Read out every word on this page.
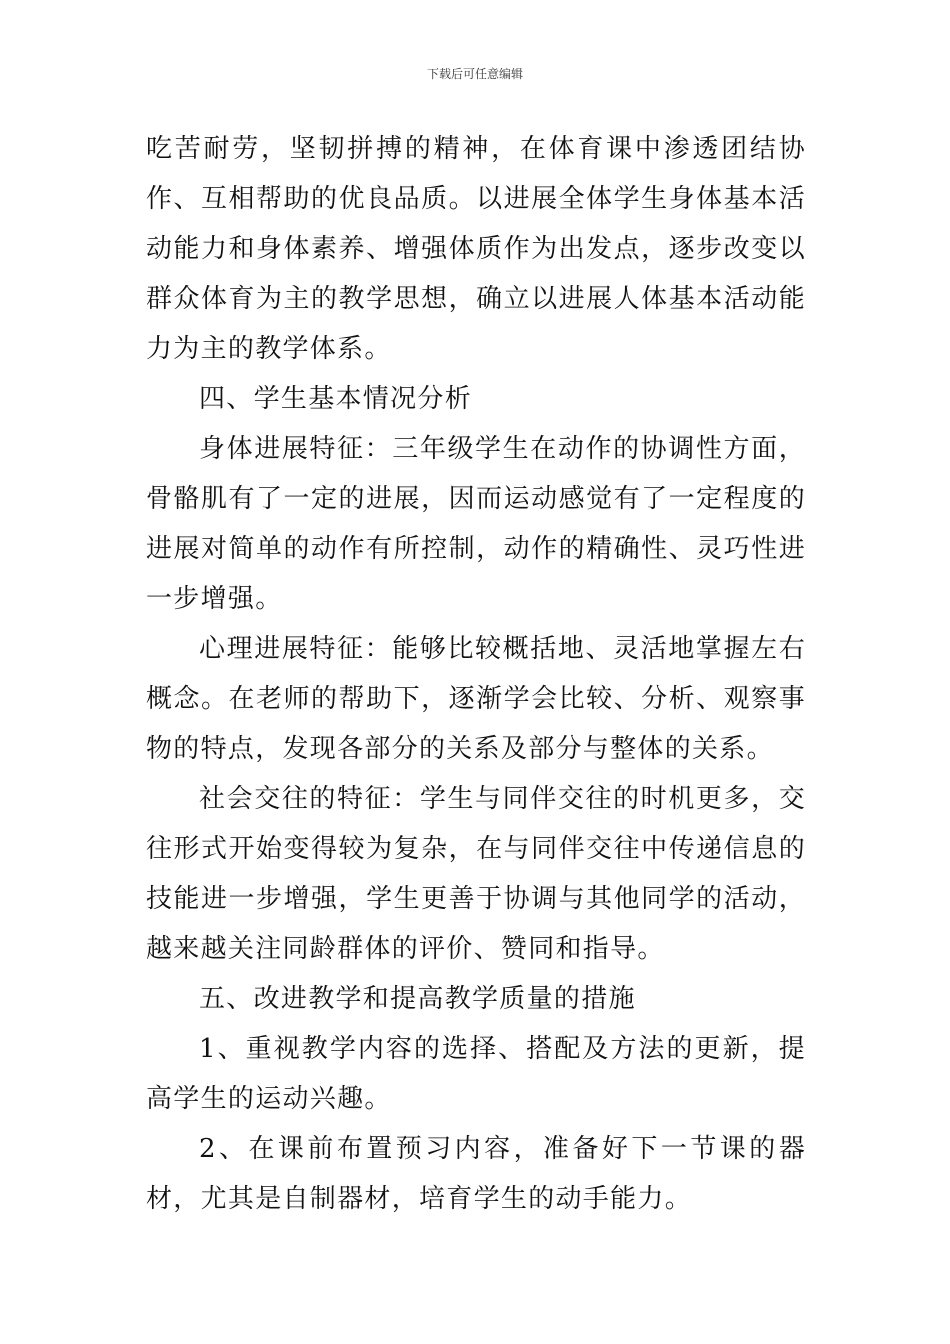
下载后可任意编辑

吃苦耐劳，坚韧拼搏的精神，在体育课中渗透团结协作、互相帮助的优良品质。以进展全体学生身体基本活动能力和身体素养、增强体质作为出发点，逐步改变以群众体育为主的教学思想，确立以进展人体基本活动能力为主的教学体系。

四、学生基本情况分析

身体进展特征：三年级学生在动作的协调性方面，骨骼肌有了一定的进展，因而运动感觉有了一定程度的进展对简单的动作有所控制，动作的精确性、灵巧性进一步增强。

心理进展特征：能够比较概括地、灵活地掌握左右概念。在老师的帮助下，逐渐学会比较、分析、观察事物的特点，发现各部分的关系及部分与整体的关系。

社会交往的特征：学生与同伴交往的时机更多，交往形式开始变得较为复杂，在与同伴交往中传递信息的技能进一步增强，学生更善于协调与其他同学的活动，越来越关注同龄群体的评价、赞同和指导。

五、改进教学和提高教学质量的措施

1、重视教学内容的选择、搭配及方法的更新，提高学生的运动兴趣。

2、在课前布置预习内容，准备好下一节课的器材，尤其是自制器材，培育学生的动手能力。
